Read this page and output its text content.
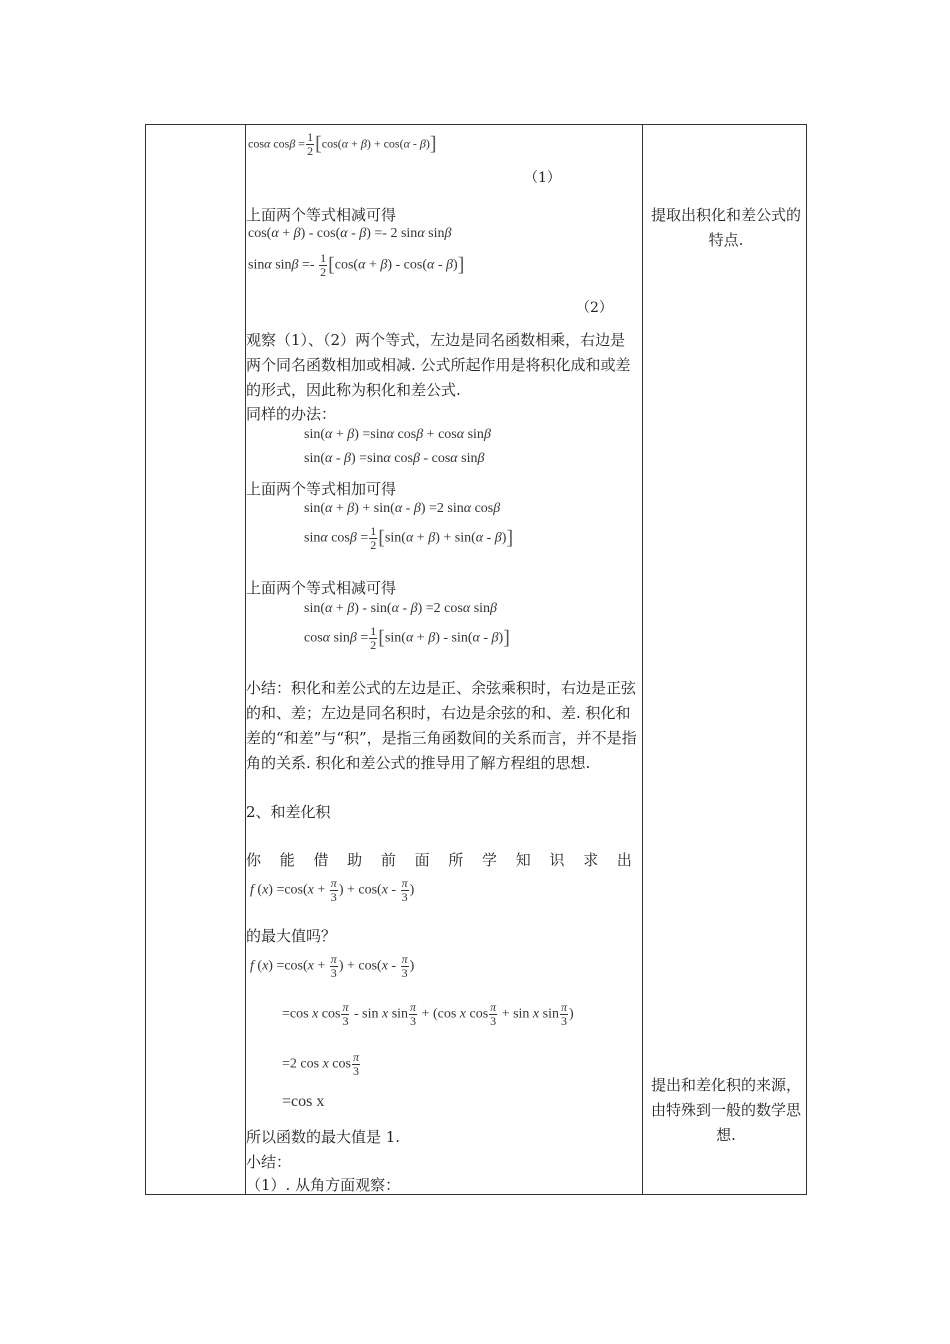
cosα $\cos\beta = \frac{1}{2} [\cos(\alpha + \beta) + \cos(\alpha - \beta)]$
（1）
上面两个等式相减可得
cos(α + β) - cos(α - β) =- 2 sinα sinβ
sinα $\sin\beta =- \frac{1}{2} [\cos(\alpha + \beta) - \cos(\alpha - \beta)]$
（2）
观察（1）、（2）两个等式，左边是同名函数相乘，右边是两个同名函数相加或相减. 公式所起作用是将积化成和或差的形式，因此称为积化和差公式.
同样的办法：
sin(α + β) =sinα cosβ + cosα sinβ
sin(α - β) =sinα cosβ - cosα sinβ
上面两个等式相加可得
sin(α + β) + sin(α - β) =2 sinα cosβ
sinα $\cos\beta = \frac{1}{2} [\sin(\alpha + \beta) + \sin(\alpha - \beta)]$
上面两个等式相减可得
sin(α + β) - sin(α - β) =2 cosα sinβ
cosα $\sin\beta = \frac{1}{2} [\sin(\alpha + \beta) - \sin(\alpha - \beta)]$
小结：积化和差公式的左边是正、余弦乘积时，右边是正弦的和、差；左边是同名积时，右边是余弦的和、差. 积化和差的“和差”与“积”，是指三角函数间的关系而言，并不是指角的关系. 积化和差公式的推导用了解方程组的思想.
2、和差化积
你 能 借 助 前 面 所 学 知 识 求 出
f $(x) =\cos(x + \frac{\pi}{3}$ ) + $\cos(x - \frac{\pi}{3}$ )
的最大值吗？
f $(x) =\cos(x + \frac{\pi}{3}$ ) + $\cos(x - \frac{\pi}{3}$ )
=cos x $\cos \frac{\pi}{3}$ - sin x $\sin \frac{\pi}{3} + (\cos$ x $\cos \frac{\pi}{3} + \sin x$ $\sin \frac{\pi}{3}$ )
=2 cos x $\cos \frac{\pi}{3}$
=cos x
所以函数的最大值是 1.
小结：
（1）. 从角方面观察：
提取出积化和差公式的特点.
提出和差化积的来源，由特殊到一般的数学思想.
